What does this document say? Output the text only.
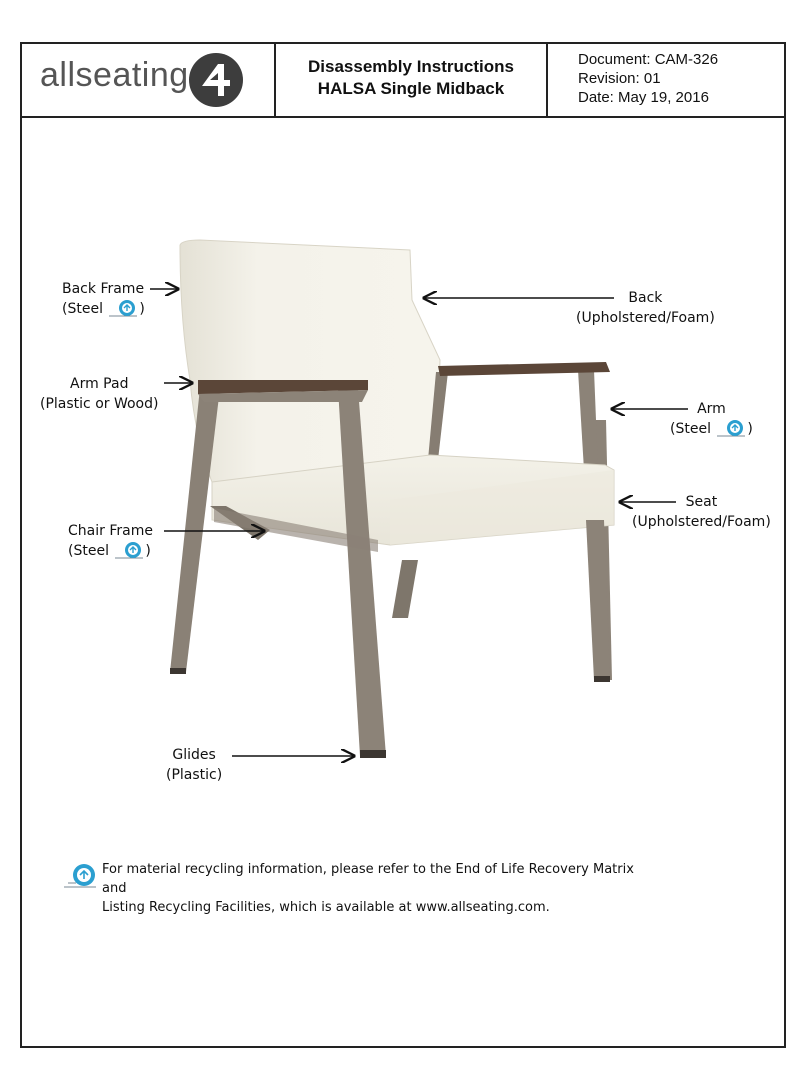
allseating	Disassembly Instructions
HALSA Single Midback
Document: CAM-326
Revision: 01
Date: May 19, 2016
Back Frame
(Steel	)
Arm Pad
(Plastic or Wood)
Chair Frame
(Steel	)
Glides
(Plastic)
Back
(Upholstered/Foam)
Arm
(Steel	)
Seat
(Upholstered/Foam)
For material recycling information, please refer to the End of Life Recovery Matrix and
Listing Recycling Facilities, which is available at www.allseating.com.
